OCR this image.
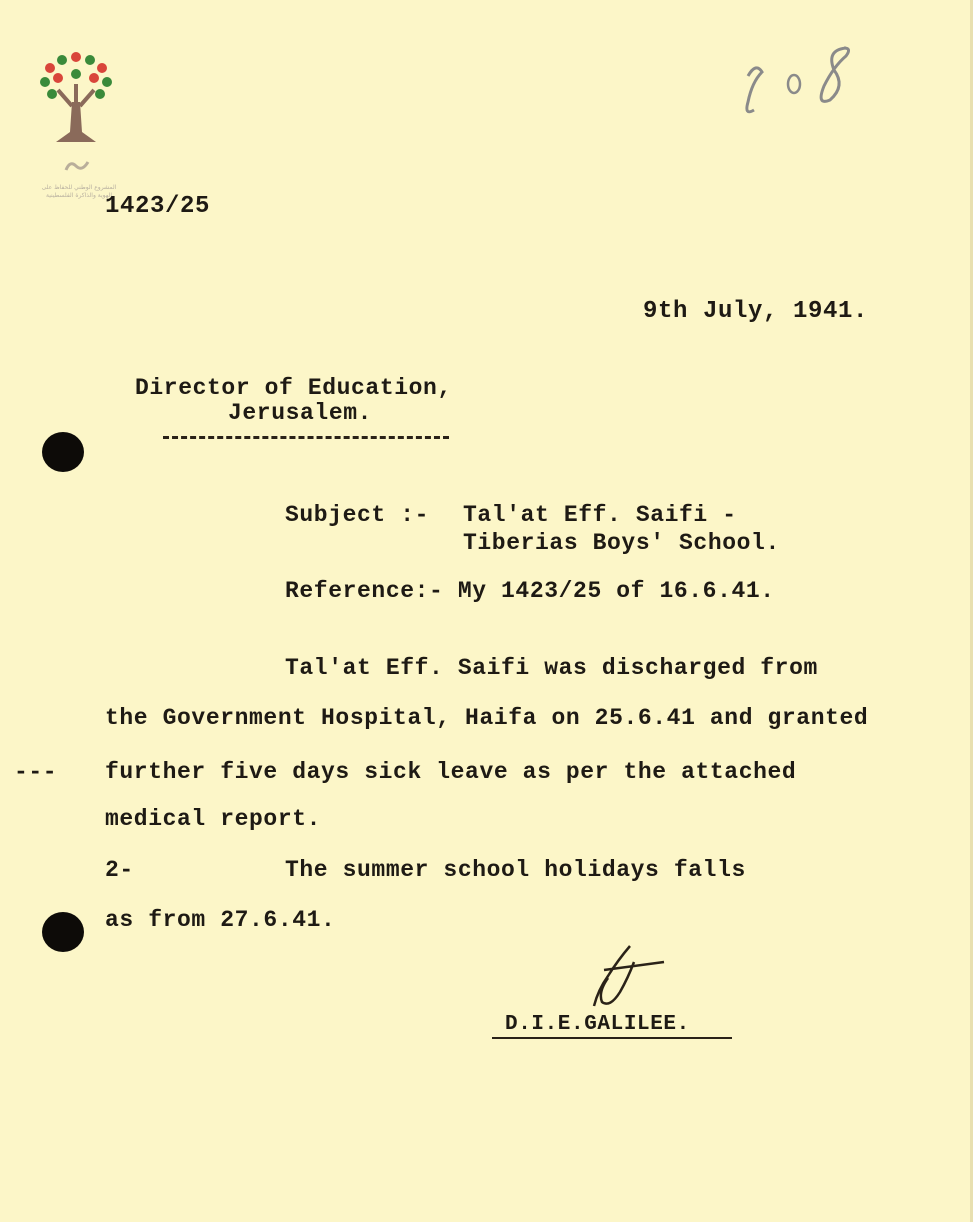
المشروع الوطني للحفاظ على الهوية والذاكرة الفلسطينية
1423/25
9th July, 1941.
Director of Education,
Jerusalem.
Subject :- Tal'at Eff. Saifi -
Tiberias Boys' School.
Reference:- My 1423/25 of 16.6.41.
Tal'at Eff. Saifi was discharged from
the Government Hospital, Haifa on 25.6.41 and granted
--- further five days sick leave as per the attached
medical report.
2-	The summer school holidays falls
as from 27.6.41.
D.I.E.GALILEE.
